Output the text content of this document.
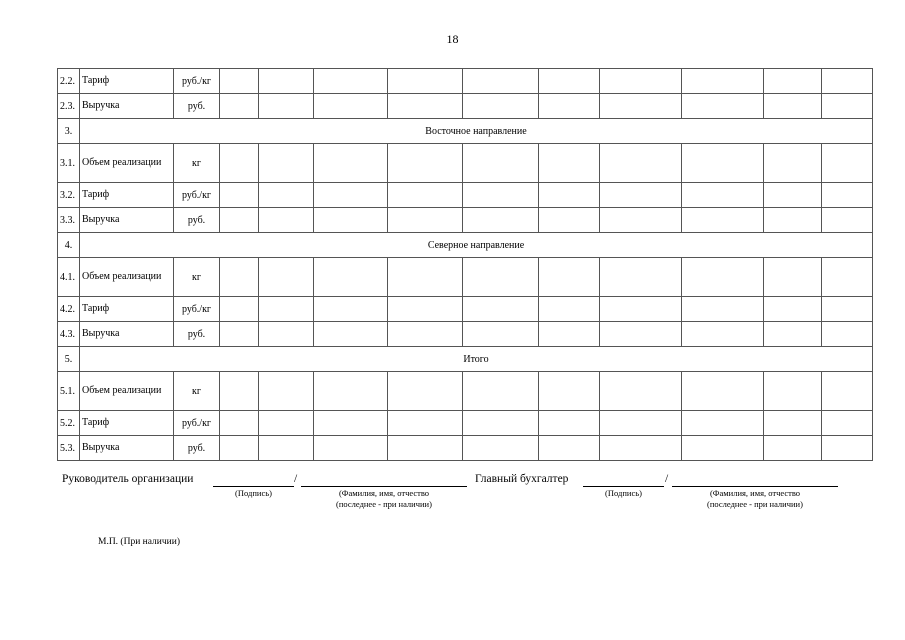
18
2.2.	Тариф	руб./кг										
2.3.	Выручка	руб.										
3.	Восточное направление											
3.1.	Объем реализации	кг										
3.2.	Тариф	руб./кг										
3.3.	Выручка	руб.										
4.	Северное направление											
4.1.	Объем реализации	кг										
4.2.	Тариф	руб./кг										
4.3.	Выручка	руб.										
5.	Итого											
5.1.	Объем реализации	кг										
5.2.	Тариф	руб./кг										
5.3.	Выручка	руб.										
Руководитель организации	/	Главный бухгалтер	/
(Подпись)	(Фамилия, имя, отчество
(последнее - при наличии)
(Подпись)	(Фамилия, имя, отчество
(последнее - при наличии)
М.П. (При наличии)
